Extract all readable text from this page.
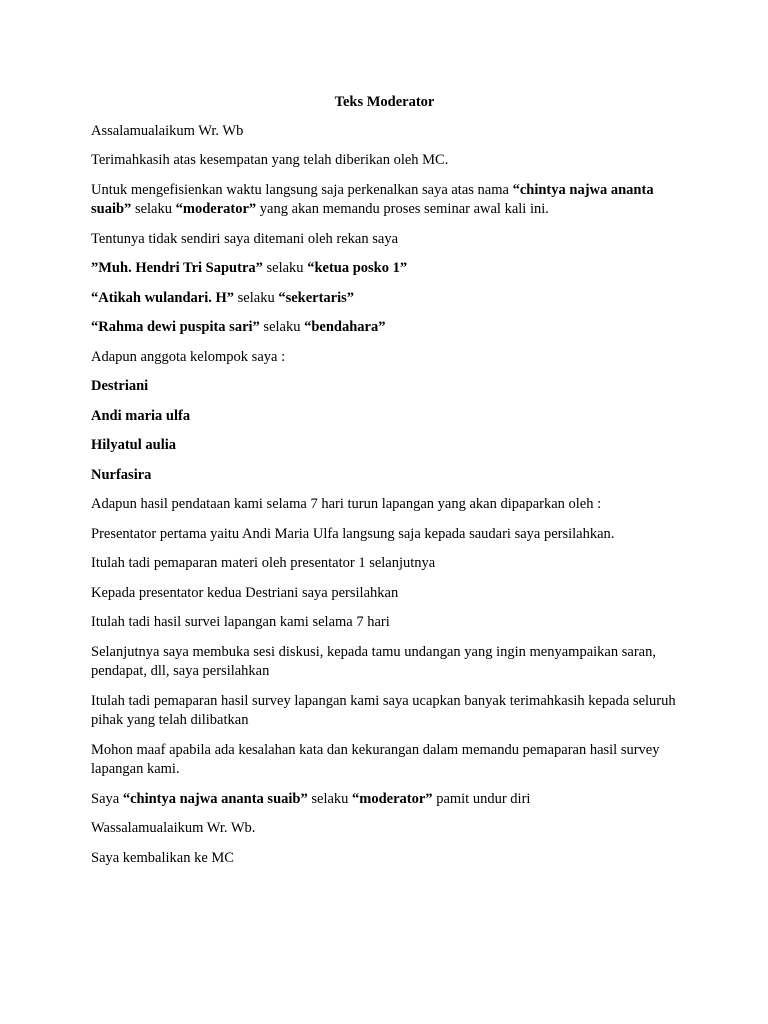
Teks Moderator

Assalamualaikum Wr. Wb

Terimahkasih atas kesempatan yang telah diberikan oleh MC.

Untuk mengefisienkan waktu langsung saja perkenalkan saya atas nama “chintya najwa ananta suaib” selaku “moderator” yang akan memandu proses seminar awal kali ini.

Tentunya tidak sendiri saya ditemani oleh rekan saya

”Muh. Hendri Tri Saputra” selaku “ketua posko 1”

“Atikah wulandari. H” selaku “sekertaris”

“Rahma dewi puspita sari” selaku “bendahara”

Adapun anggota kelompok saya :

Destriani

Andi maria ulfa

Hilyatul aulia

Nurfasira

Adapun hasil pendataan kami selama 7 hari turun lapangan yang akan dipaparkan oleh :

Presentator pertama yaitu Andi Maria Ulfa langsung saja kepada saudari saya persilahkan.

Itulah tadi pemaparan materi oleh presentator 1 selanjutnya

Kepada presentator kedua Destriani saya persilahkan

Itulah tadi hasil survei lapangan kami selama 7 hari

Selanjutnya saya membuka sesi diskusi, kepada tamu undangan yang ingin menyampaikan saran, pendapat, dll, saya persilahkan

Itulah tadi pemaparan hasil survey lapangan kami saya ucapkan banyak terimahkasih kepada seluruh pihak yang telah dilibatkan

Mohon maaf apabila ada kesalahan kata dan kekurangan dalam memandu pemaparan hasil survey lapangan kami.

Saya “chintya najwa ananta suaib” selaku “moderator” pamit undur diri

Wassalamualaikum Wr. Wb.

Saya kembalikan ke MC
